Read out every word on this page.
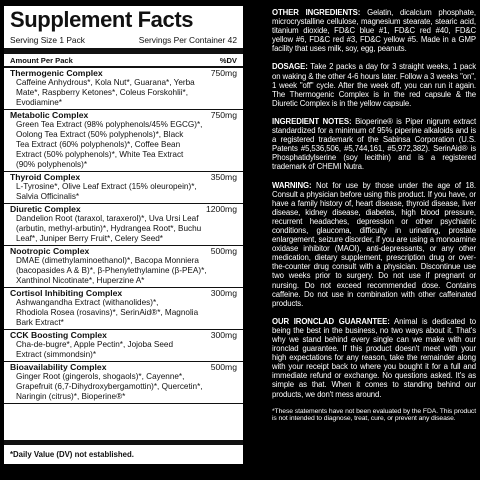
Supplement Facts
Serving Size 1 Pack	Servings Per Container 42
Amount Per Pack	%DV
Thermogenic Complex	750mg
Caffeine Anhydrous*, Kola Nut*, Guarana*, Yerba
Mate*, Raspberry Ketones*, Coleus Forskohlii*,
Evodiamine*
Metabolic Complex	750mg
Green Tea Extract (98% polyphenols/45% EGCG)*,
Oolong Tea Extract (50% polyphenols)*, Black
Tea Extract (60% polyphenols)*, Coffee Bean
Extract (50% polyphenols)*, White Tea Extract
(90% polyphenols)*
Thyroid Complex	350mg
L-Tyrosine*, Olive Leaf Extract (15% oleuropein)*,
Salvia Officinalis*
Diuretic Complex	1200mg
Dandelion Root (taraxol, taraxerol)*, Uva Ursi Leaf
(arbutin, methyl-arbutin)*, Hydrangea Root*, Buchu
Leaf*, Juniper Berry Fruit*, Celery Seed*
Nootropic Complex	500mg
DMAE (dimethylaminoethanol)*, Bacopa Monniera
(bacopasides A & B)*, β-Phenylethylamine (β-PEA)*,
Xanthinol Nicotinate*, Huperzine A*
Cortisol Inhibiting Complex	300mg
Ashwangandha Extract (withanolides)*,
Rhodiola Rosea (rosavins)*, SerinAid®*, Magnolia
Bark Extract*
CCK Boosting Complex	300mg
Cha-de-bugre*, Apple Pectin*, Jojoba Seed
Extract (simmondsin)*
Bioavailability Complex	500mg
Ginger Root (gingerols, shogaols)*, Cayenne*,
Grapefruit (6,7-Dihydroxybergamottin)*, Quercetin*,
Naringin (citrus)*, Bioperine®*
*Daily Value (DV) not established.
OTHER INGREDIENTS: Gelatin, dicalcium phosphate, microcrystalline cellulose, magnesium stearate, stearic acid, titanium dioxide, FD&C blue #1, FD&C red #40, FD&C yellow #6, FD&C red #3, FD&C yellow #5. Made in a GMP facility that uses milk, soy, egg, peanuts.
DOSAGE: Take 2 packs a day for 3 straight weeks, 1 pack on waking & the other 4-6 hours later. Follow a 3 weeks "on", 1 week "off" cycle. After the week off, you can run it again. The Thermogenic Complex is in the red capsule & the Diuretic Complex is in the yellow capsule.
INGREDIENT NOTES: Bioperine® is Piper nigrum extract standardized for a minimum of 95% piperine alkaloids and is a registered trademark of the Sabinsa Corporation (U.S. Patents #5,536,506, #5,744,161, #5,972,382). SerinAid® is Phosphatidylserine (soy lecithin) and is a registered trademark of CHEMI Nutra.
WARNING: Not for use by those under the age of 18. Consult a physician before using this product. If you have, or have a family history of, heart disease, thyroid disease, liver disease, kidney disease, diabetes, high blood pressure, recurrent headaches, depression or other psychiatric conditions, glaucoma, difficulty in urinating, prostate enlargement, seizure disorder, if you are using a monoamine oxidase inhibitor (MAOI), anti-depressants, or any other medication, dietary supplement, prescription drug or over-the-counter drug consult with a physician. Discontinue use two weeks prior to surgery. Do not use if pregnant or nursing. Do not exceed recommended dose. Contains caffeine. Do not use in combination with other caffeinated products.
OUR IRONCLAD GUARANTEE: Animal is dedicated to being the best in the business, no two ways about it. That's why we stand behind every single can we make with our ironclad guarantee. If this product doesn't meet with your high expectations for any reason, take the remainder along with your receipt back to where you bought it for a full and immediate refund or exchange. No questions asked. It's as simple as that. When it comes to standing behind our products, we don't mess around.
*These statements have not been evaluated by the FDA. This product is not intended to diagnose, treat, cure, or prevent any disease.
